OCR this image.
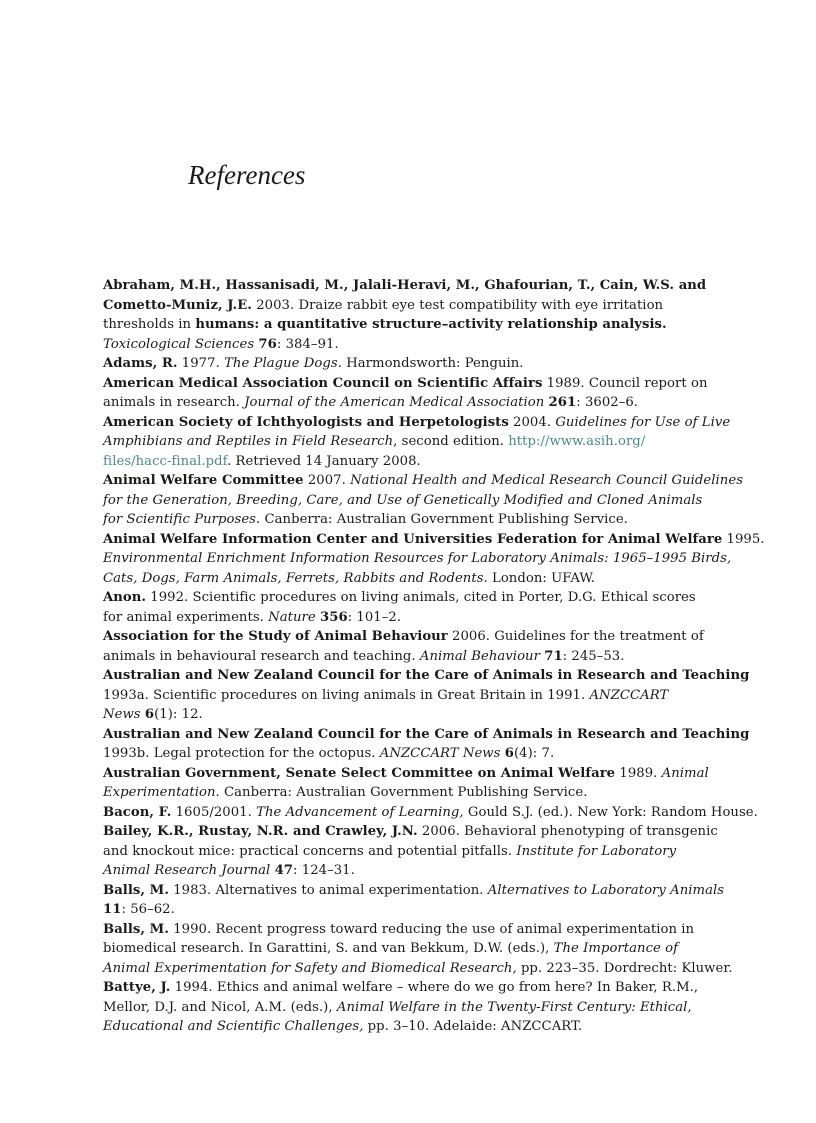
References
Abraham, M.H., Hassanisadi, M., Jalali-Heravi, M., Ghafourian, T., Cain, W.S. and
Cometto-Muniz, J.E. 2003. Draize rabbit eye test compatibility with eye irritation
thresholds in humans: a quantitative structure–activity relationship analysis.
Toxicological Sciences 76: 384–91.
Adams, R. 1977. The Plague Dogs. Harmondsworth: Penguin.
American Medical Association Council on Scientific Affairs 1989. Council report on
animals in research. Journal of the American Medical Association 261: 3602–6.
American Society of Ichthyologists and Herpetologists 2004. Guidelines for Use of Live
Amphibians and Reptiles in Field Research, second edition. http://www.asih.org/
files/hacc-final.pdf. Retrieved 14 January 2008.
Animal Welfare Committee 2007. National Health and Medical Research Council Guidelines
for the Generation, Breeding, Care, and Use of Genetically Modified and Cloned Animals
for Scientific Purposes. Canberra: Australian Government Publishing Service.
Animal Welfare Information Center and Universities Federation for Animal Welfare 1995.
Environmental Enrichment Information Resources for Laboratory Animals: 1965–1995 Birds,
Cats, Dogs, Farm Animals, Ferrets, Rabbits and Rodents. London: UFAW.
Anon. 1992. Scientific procedures on living animals, cited in Porter, D.G. Ethical scores
for animal experiments. Nature 356: 101–2.
Association for the Study of Animal Behaviour 2006. Guidelines for the treatment of
animals in behavioural research and teaching. Animal Behaviour 71: 245–53.
Australian and New Zealand Council for the Care of Animals in Research and Teaching
1993a. Scientific procedures on living animals in Great Britain in 1991. ANZCCART
News 6(1): 12.
Australian and New Zealand Council for the Care of Animals in Research and Teaching
1993b. Legal protection for the octopus. ANZCCART News 6(4): 7.
Australian Government, Senate Select Committee on Animal Welfare 1989. Animal
Experimentation. Canberra: Australian Government Publishing Service.
Bacon, F. 1605/2001. The Advancement of Learning, Gould S.J. (ed.). New York: Random House.
Bailey, K.R., Rustay, N.R. and Crawley, J.N. 2006. Behavioral phenotyping of transgenic
and knockout mice: practical concerns and potential pitfalls. Institute for Laboratory
Animal Research Journal 47: 124–31.
Balls, M. 1983. Alternatives to animal experimentation. Alternatives to Laboratory Animals
11: 56–62.
Balls, M. 1990. Recent progress toward reducing the use of animal experimentation in
biomedical research. In Garattini, S. and van Bekkum, D.W. (eds.), The Importance of
Animal Experimentation for Safety and Biomedical Research, pp. 223–35. Dordrecht: Kluwer.
Battye, J. 1994. Ethics and animal welfare – where do we go from here? In Baker, R.M.,
Mellor, D.J. and Nicol, A.M. (eds.), Animal Welfare in the Twenty-First Century: Ethical,
Educational and Scientific Challenges, pp. 3–10. Adelaide: ANZCCART.
